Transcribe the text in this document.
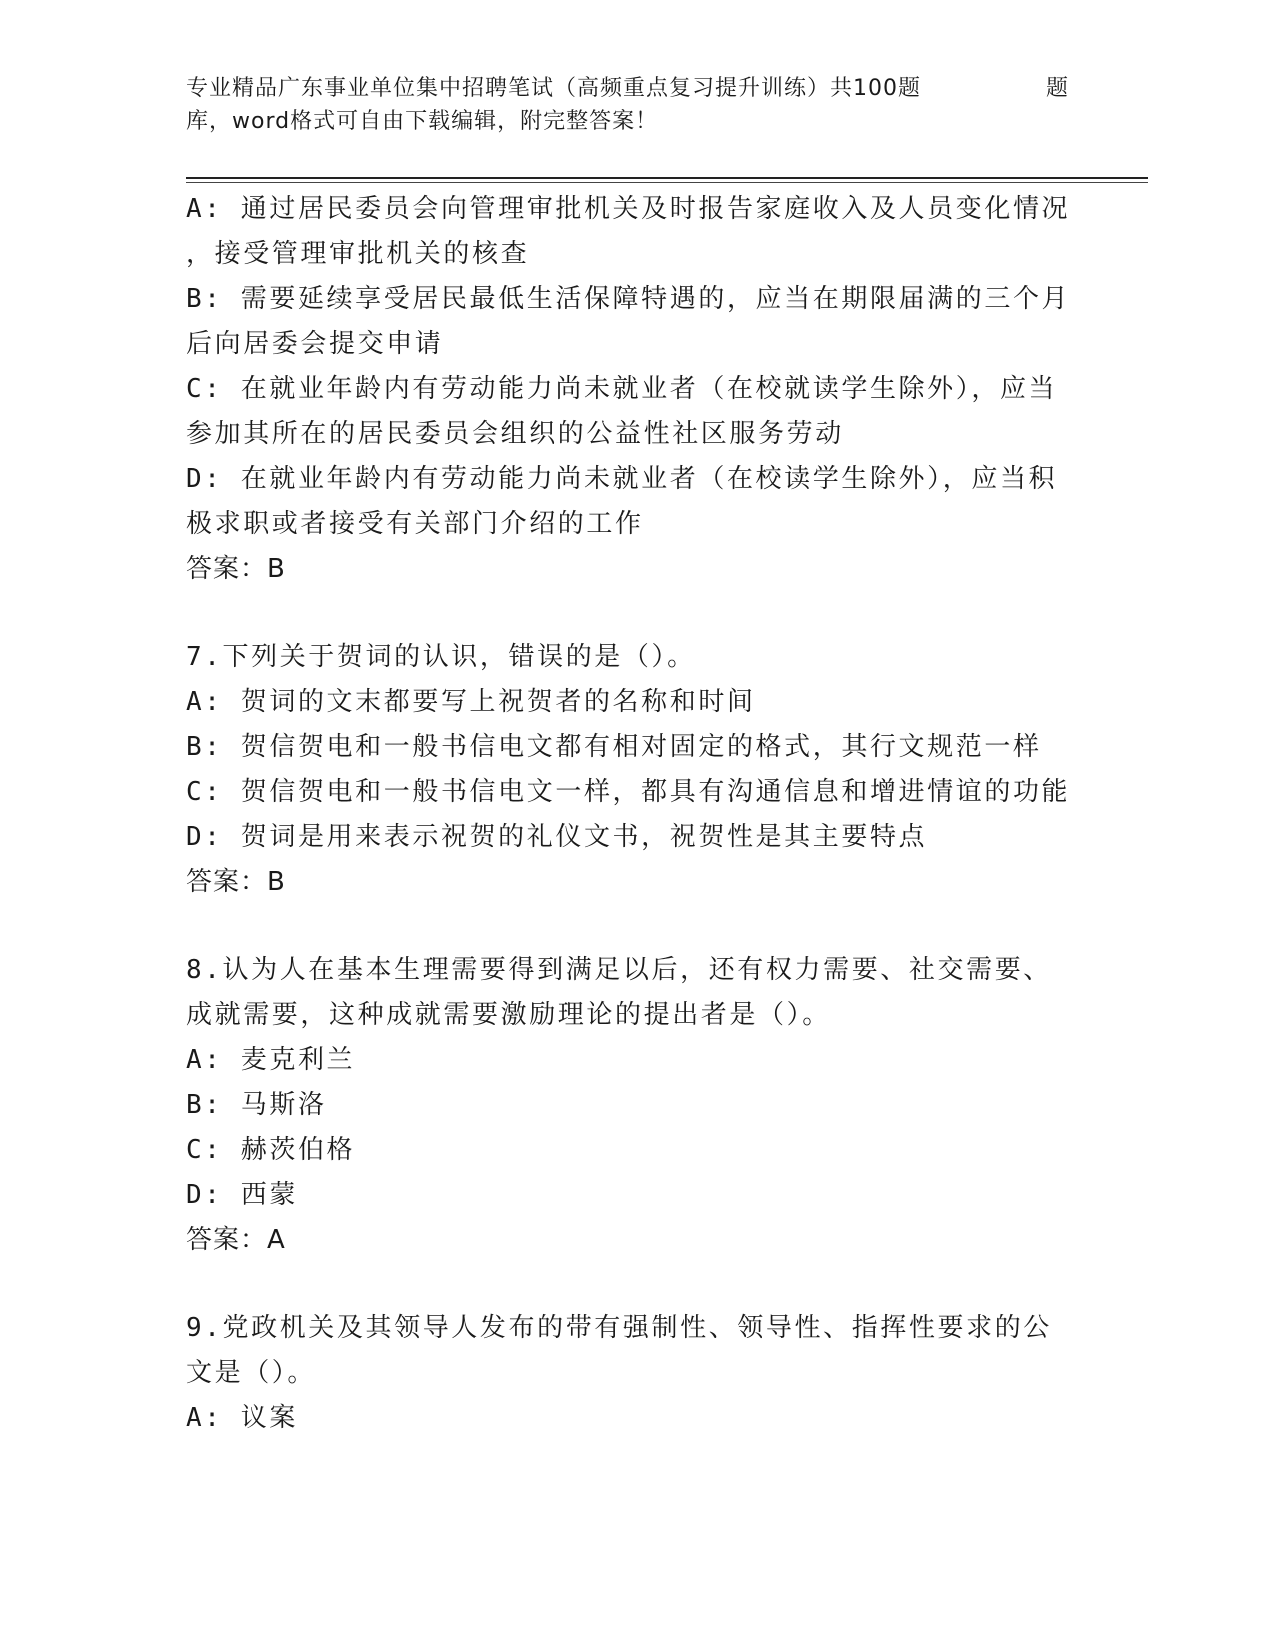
专业精品广东事业单位集中招聘笔试（高频重点复习提升训练）共100题	题
库，word格式可自由下载编辑，附完整答案！
A: 通过居民委员会向管理审批机关及时报告家庭收入及人员变化情况
，接受管理审批机关的核查
B: 需要延续享受居民最低生活保障特遇的，应当在期限届满的三个月
后向居委会提交申请
C: 在就业年龄内有劳动能力尚未就业者（在校就读学生除外），应当
参加其所在的居民委员会组织的公益性社区服务劳动
D: 在就业年龄内有劳动能力尚未就业者（在校读学生除外），应当积
极求职或者接受有关部门介绍的工作
答案：B
7.下列关于贺词的认识，错误的是（）。
A: 贺词的文末都要写上祝贺者的名称和时间
B: 贺信贺电和一般书信电文都有相对固定的格式，其行文规范一样
C: 贺信贺电和一般书信电文一样，都具有沟通信息和增进情谊的功能
D: 贺词是用来表示祝贺的礼仪文书，祝贺性是其主要特点
答案：B
8.认为人在基本生理需要得到满足以后，还有权力需要、社交需要、
成就需要，这种成就需要激励理论的提出者是（）。
A: 麦克利兰
B: 马斯洛
C: 赫茨伯格
D: 西蒙
答案：A
9.党政机关及其领导人发布的带有强制性、领导性、指挥性要求的公
文是（）。
A: 议案
